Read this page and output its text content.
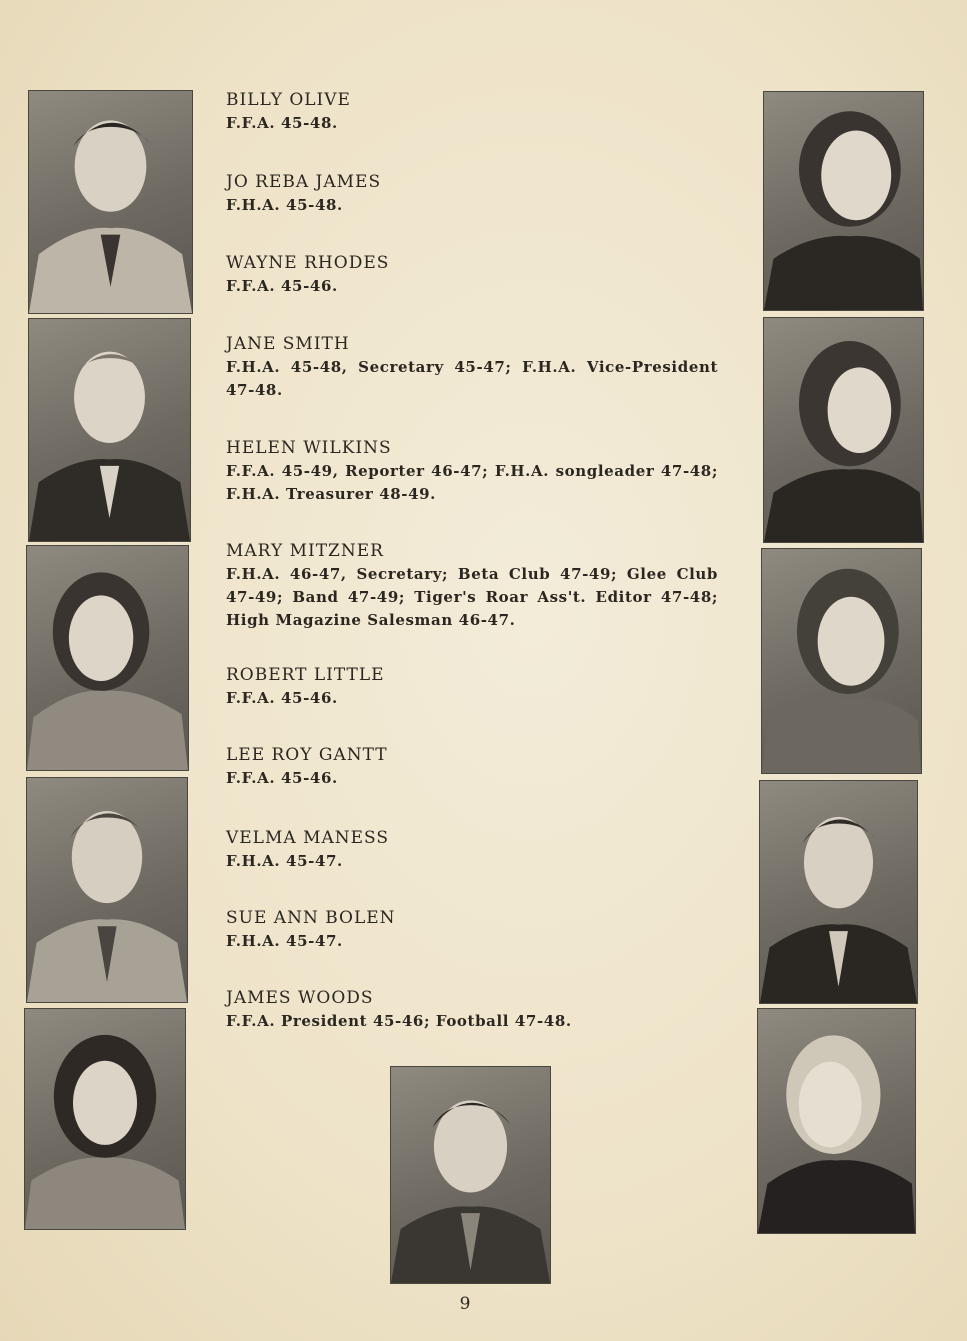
BILLY OLIVE
F.F.A. 45-48.
JO REBA JAMES
F.H.A. 45-48.
WAYNE RHODES
F.F.A. 45-46.
JANE SMITH
F.H.A. 45-48, Secretary 45-47; F.H.A. Vice-President 47-48.
HELEN WILKINS
F.F.A. 45-49, Reporter 46-47; F.H.A. songleader 47-48; F.H.A. Treasurer 48-49.
MARY MITZNER
F.H.A. 46-47, Secretary; Beta Club 47-49; Glee Club 47-49; Band 47-49; Tiger's Roar Ass't. Editor 47-48; High Magazine Salesman 46-47.
ROBERT LITTLE
F.F.A. 45-46.
LEE ROY GANTT
F.F.A. 45-46.
VELMA MANESS
F.H.A. 45-47.
SUE ANN BOLEN
F.H.A. 45-47.
JAMES WOODS
F.F.A. President 45-46; Football 47-48.
9
